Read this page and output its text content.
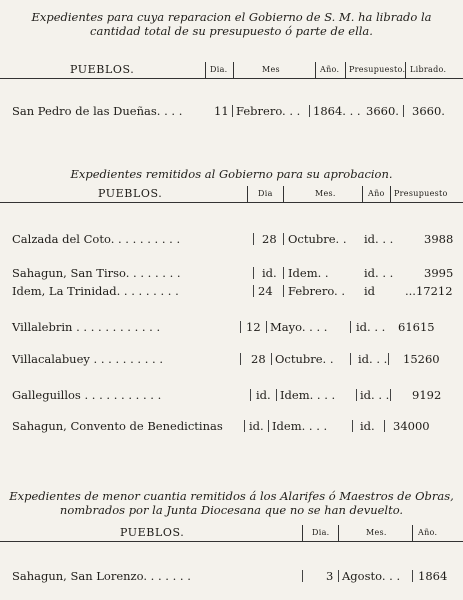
Expedientes para cuya reparacion el Gobierno de S. M. ha librado la cantidad total de su presupuesto ó parte de ella.
PUEBLOS.	Dia.	Mes	Año. Presupuesto. Librado.
San Pedro de las Dueñas. . . .	11 Febrero. . . 1864. . . 3660. 3660.
Expedientes remitidos al Gobierno para su aprobacion.
PUEBLOS.	Dia	Mes.	Año Presupuesto
Calzada del Coto. . . . . . . . . .	28 Octubre. . id. . .	3988
Sahagun, San Tirso. . . . . . . .	id. Idem. .	id. . .	3995
Idem, La Trinidad. . . . . . . . .	24 Febrero. . id	...17212
Villalebrin . . . . . . . . . . . .	12 Mayo. . . . id. . . 61615
Villacalabuey . . . . . . . . . .	28 Octubre. . id. . . 15260
Galleguillos . . . . . . . . . . .	id. Idem. . . . id. . . 9192
Sahagun, Convento de Benedictinas id. Idem. . . .	id. 34000
Expedientes de menor cuantia remitidos á los Alarifes ó Maestros de Obras, nombrados por la Junta Diocesana que no se han devuelto.
PUEBLOS.	Dia.	Mes.	Año.
Sahagun, San Lorenzo. . . . . . .	3 Agosto. . . 1864
